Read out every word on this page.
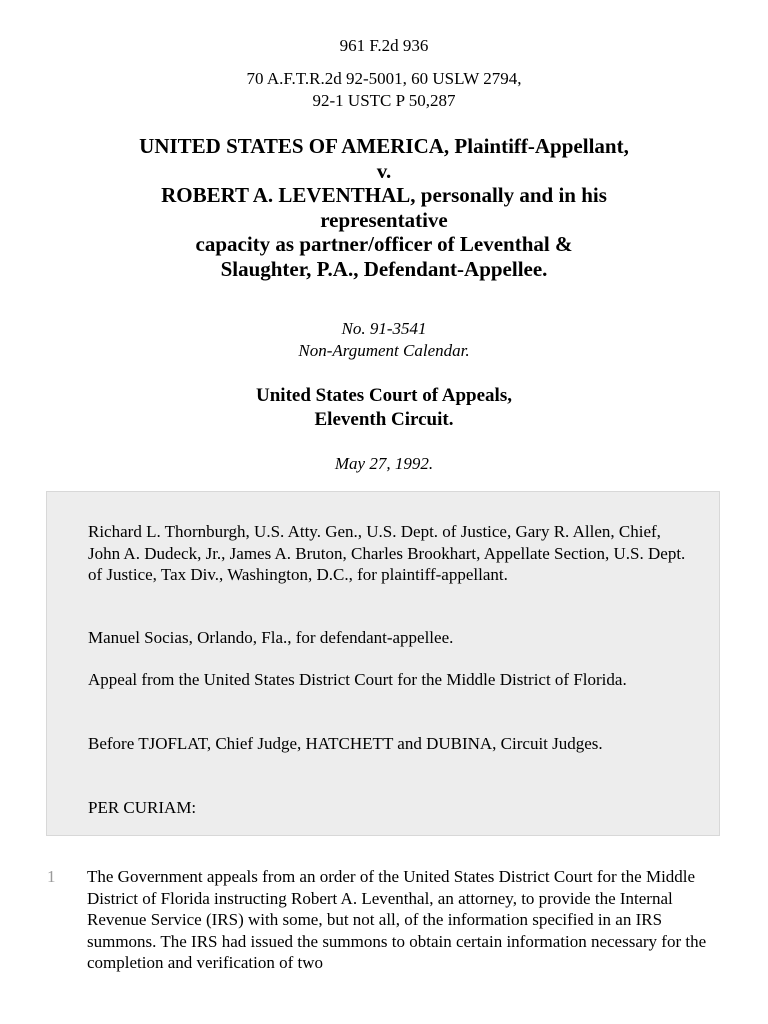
961 F.2d 936
70 A.F.T.R.2d 92-5001, 60 USLW 2794,
92-1 USTC P 50,287
UNITED STATES OF AMERICA, Plaintiff-Appellant,
v.
ROBERT A. LEVENTHAL, personally and in his
representative
capacity as partner/officer of Leventhal &
Slaughter, P.A., Defendant-Appellee.
No. 91-3541
Non-Argument Calendar.
United States Court of Appeals,
Eleventh Circuit.
May 27, 1992.
Richard L. Thornburgh, U.S. Atty. Gen., U.S. Dept. of Justice, Gary R. Allen, Chief, John A. Dudeck, Jr., James A. Bruton, Charles Brookhart, Appellate Section, U.S. Dept. of Justice, Tax Div., Washington, D.C., for plaintiff-appellant.
Manuel Socias, Orlando, Fla., for defendant-appellee.
Appeal from the United States District Court for the Middle District of Florida.
Before TJOFLAT, Chief Judge, HATCHETT and DUBINA, Circuit Judges.
PER CURIAM:
1 The Government appeals from an order of the United States District Court for the Middle District of Florida instructing Robert A. Leventhal, an attorney, to provide the Internal Revenue Service (IRS) with some, but not all, of the information specified in an IRS summons. The IRS had issued the summons to obtain certain information necessary for the completion and verification of two
